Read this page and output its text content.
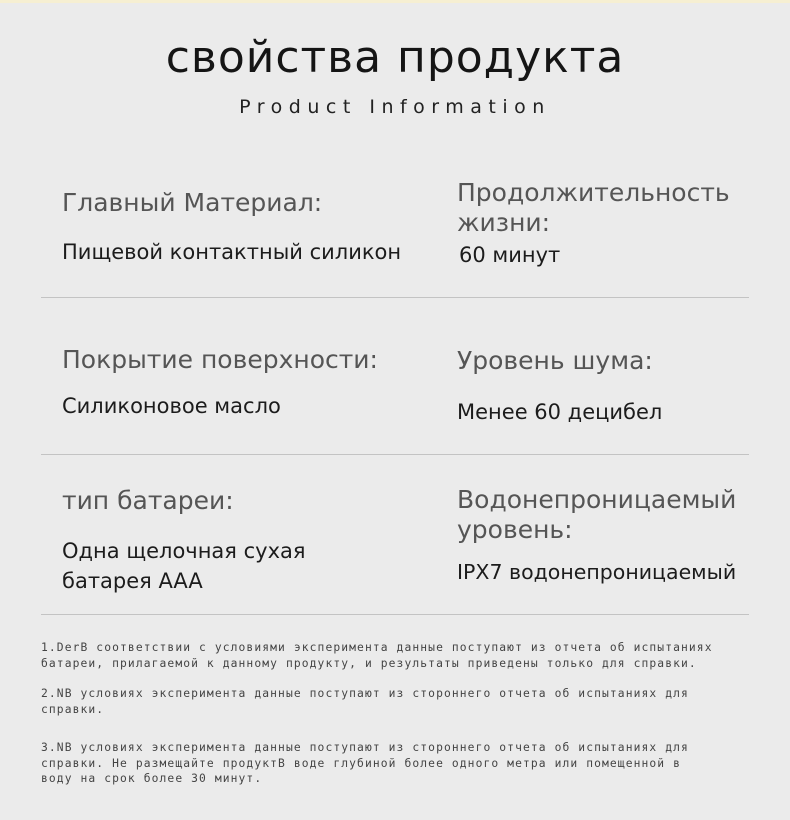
свойства продукта
Product Information
Главный Материал:
Пищевой контактный силикон
Продолжительность
жизни:
60 минут
Покрытие поверхности:
Силиконовое масло
Уровень шума:
Менее 60 децибел
тип батареи:
Одна щелочная сухая
батарея AAA
Водонепроницаемый
уровень:
IPX7 водонепроницаемый
1.DerВ соответствии с условиями эксперимента данные поступают из отчета об испытаниях
батареи, прилагаемой к данному продукту, и результаты приведены только для справки.
2.NВ условиях эксперимента данные поступают из стороннего отчета об испытаниях для
справки.
3.NВ условиях эксперимента данные поступают из стороннего отчета об испытаниях для
справки. Не размещайте продуктВ воде глубиной более одного метра или помещенной в
воду на срок более 30 минут.
